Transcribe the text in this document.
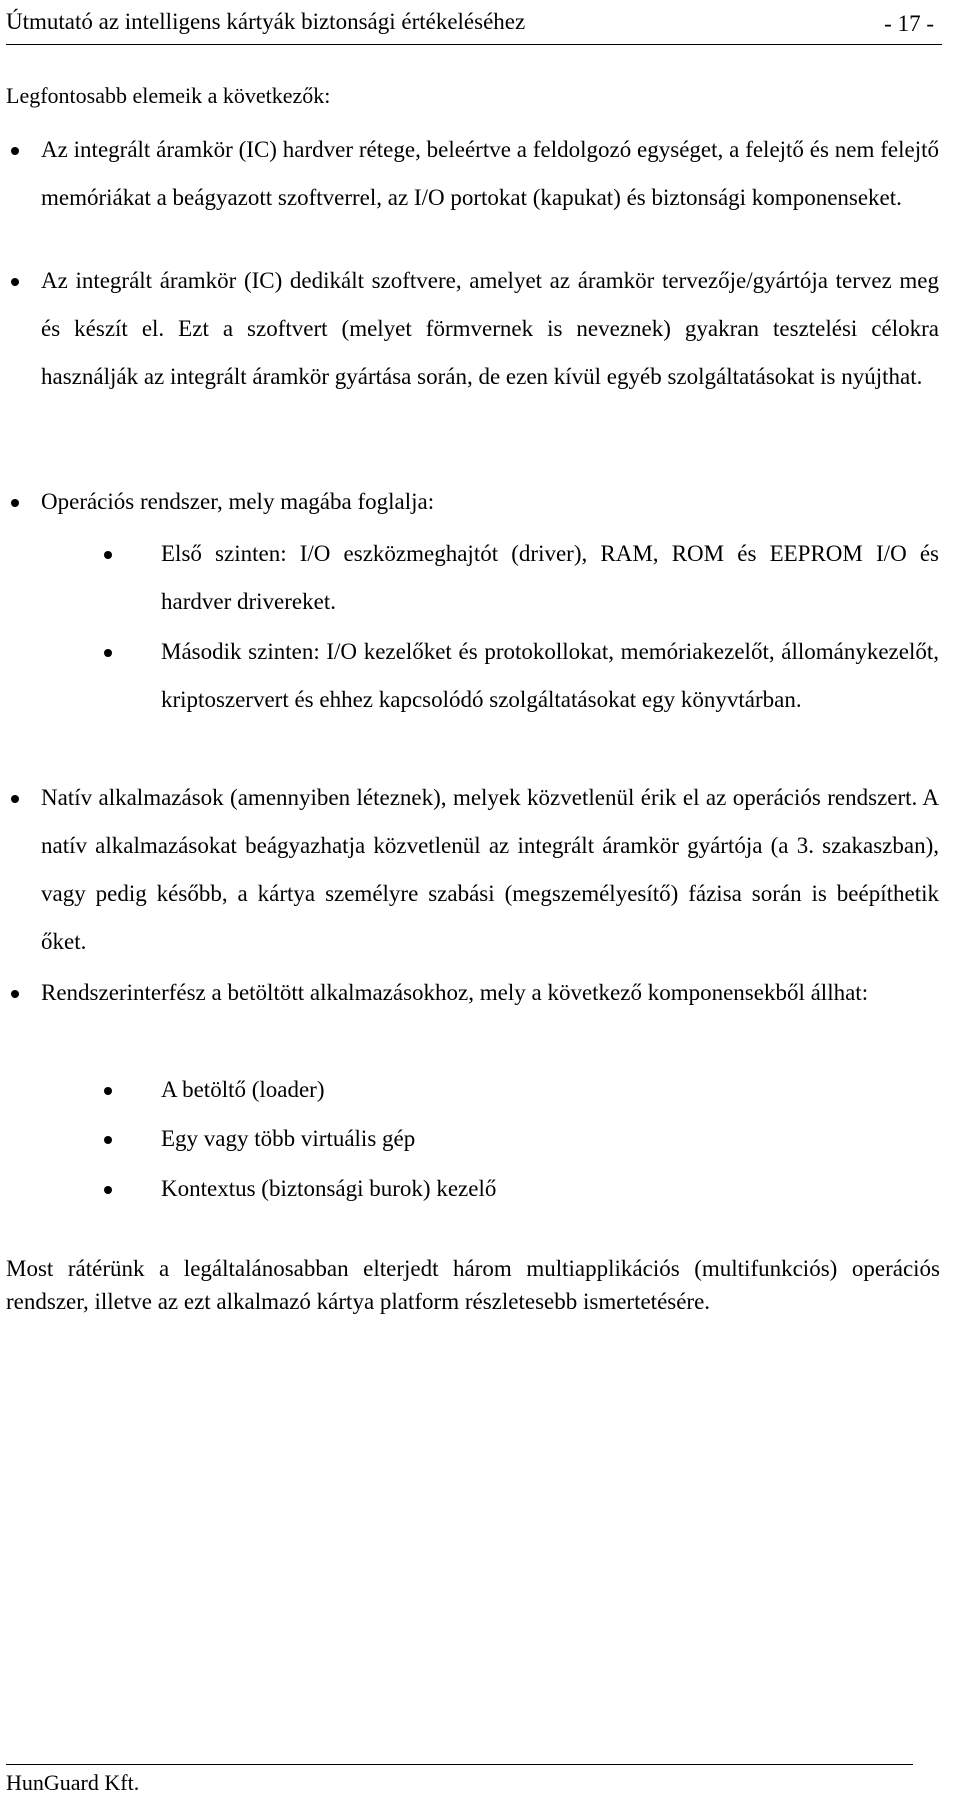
Útmutató az intelligens kártyák biztonsági értékeléséhez	- 17 -
Legfontosabb elemeik a következők:

Az integrált áramkör (IC) hardver rétege, beleértve a feldolgozó egységet, a felejtő és nem felejtő memóriákat a beágyazott szoftverrel, az I/O portokat (kapukat) és biztonsági komponenseket.

Az integrált áramkör (IC) dedikált szoftvere, amelyet az áramkör tervezője/gyártója tervez meg és készít el. Ezt a szoftvert (melyet förmvernek is neveznek) gyakran tesztelési célokra használják az integrált áramkör gyártása során, de ezen kívül egyéb szolgáltatásokat is nyújthat.

Operációs rendszer, mely magába foglalja:

Első szinten: I/O eszközmeghajtót (driver), RAM, ROM és EEPROM I/O és hardver drivereket.

Második szinten: I/O kezelőket és protokollokat, memóriakezelőt, állománykezelőt, kriptoszervert és ehhez kapcsolódó szolgáltatásokat egy könyvtárban.

Natív alkalmazások (amennyiben léteznek), melyek közvetlenül érik el az operációs rendszert. A natív alkalmazásokat beágyazhatja közvetlenül az integrált áramkör gyártója (a 3. szakaszban), vagy pedig később, a kártya személyre szabási (megszemélyesítő) fázisa során is beépíthetik őket.

Rendszerinterfész a betöltött alkalmazásokhoz, mely a következő komponensekből állhat:

A betöltő (loader)

Egy vagy több virtuális gép

Kontextus (biztonsági burok) kezelő

Most rátérünk a legáltalánosabban elterjedt három multiapplikációs (multifunkciós) operációs rendszer, illetve az ezt alkalmazó kártya platform részletesebb ismertetésére.

HunGuard Kft.
